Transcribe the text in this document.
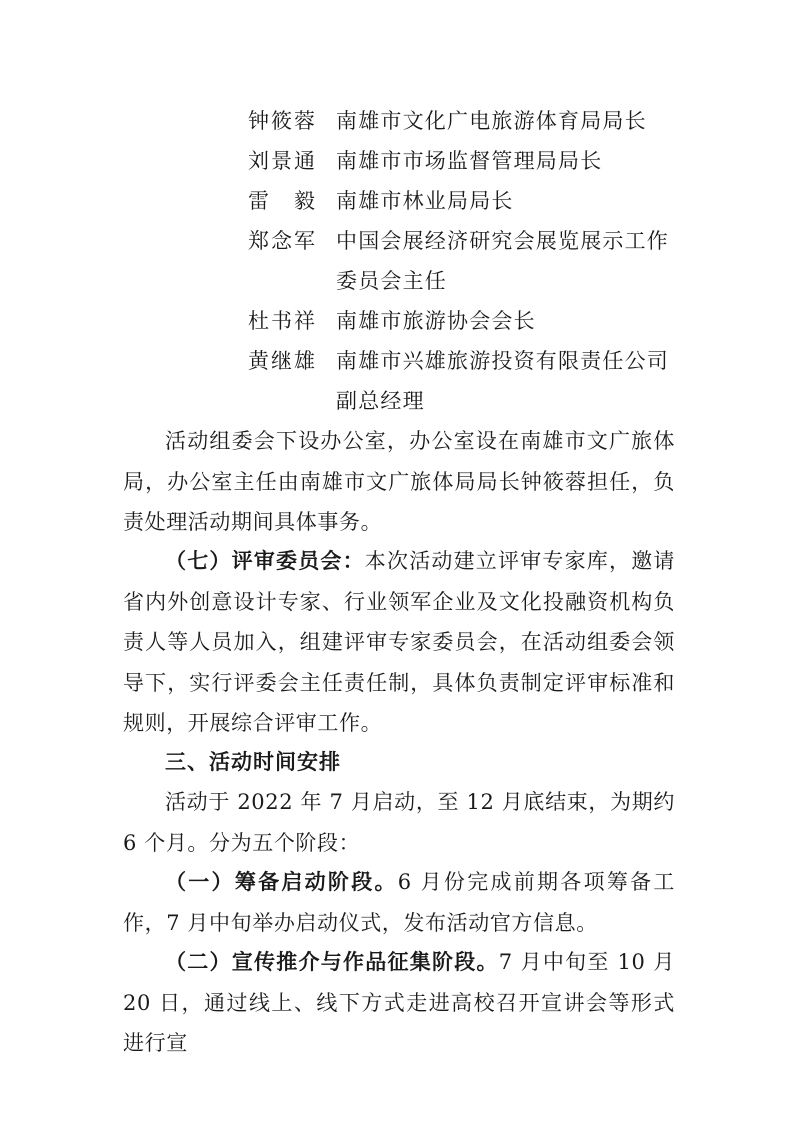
钟筱蓉 南雄市文化广电旅游体育局局长
刘景通 南雄市市场监督管理局局长
雷　毅 南雄市林业局局长
郑念军 中国会展经济研究会展览展示工作
委员会主任
杜书祥 南雄市旅游协会会长
黄继雄 南雄市兴雄旅游投资有限责任公司
副总经理

活动组委会下设办公室，办公室设在南雄市文广旅体局，办公室主任由南雄市文广旅体局局长钟筱蓉担任，负责处理活动期间具体事务。

（七）评审委员会：本次活动建立评审专家库，邀请省内外创意设计专家、行业领军企业及文化投融资机构负责人等人员加入，组建评审专家委员会，在活动组委会领导下，实行评委会主任责任制，具体负责制定评审标准和规则，开展综合评审工作。

三、活动时间安排

活动于 2022 年 7 月启动，至 12 月底结束，为期约 6 个月。分为五个阶段：

（一）筹备启动阶段。6 月份完成前期各项筹备工作，7 月中旬举办启动仪式，发布活动官方信息。

（二）宣传推介与作品征集阶段。7 月中旬至 10 月 20 日，通过线上、线下方式走进高校召开宣讲会等形式进行宣
